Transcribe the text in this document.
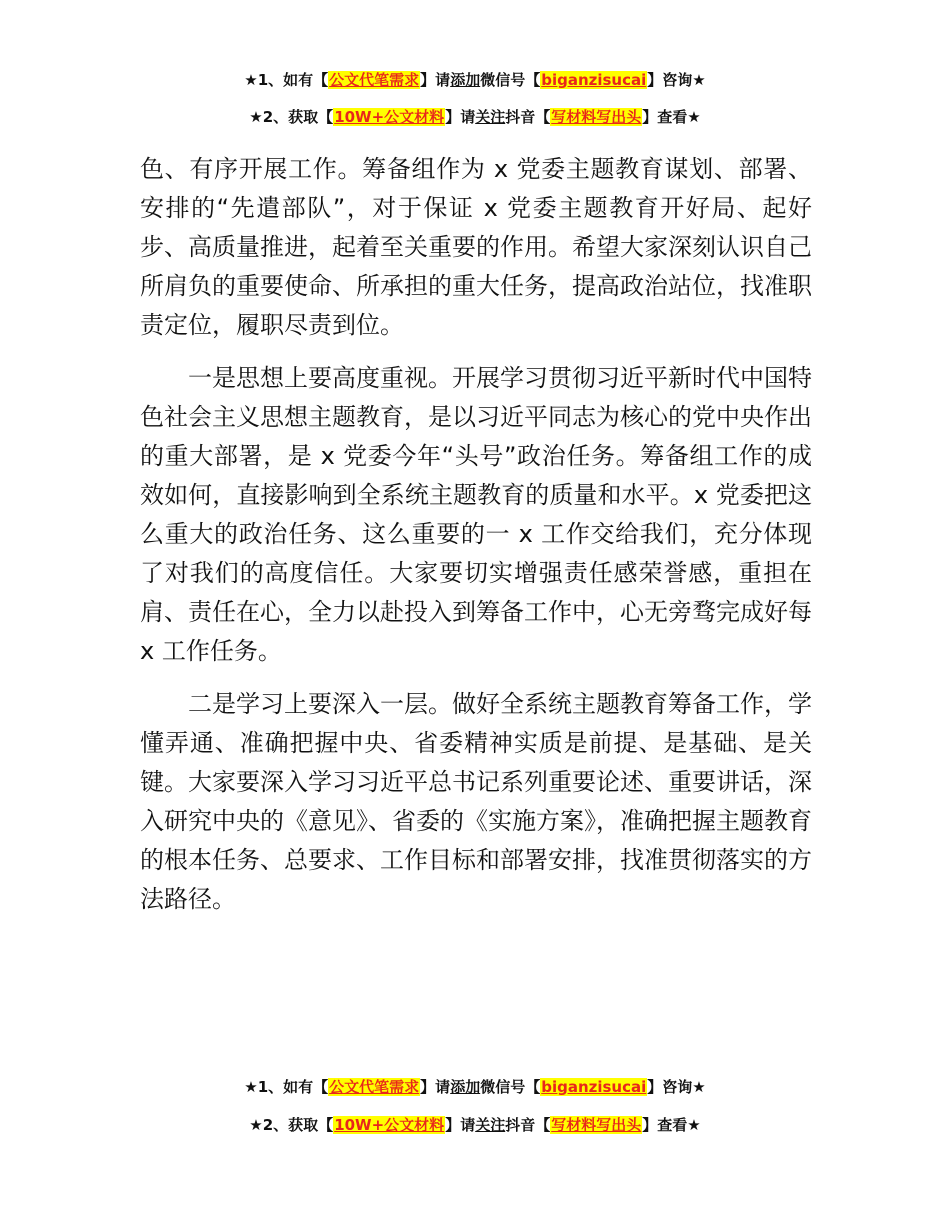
★1、如有【公文代笔需求】请添加微信号【biganzisucai】咨询★
★2、获取【10W+公文材料】请关注抖音【写材料写出头】查看★

色、有序开展工作。筹备组作为 x 党委主题教育谋划、部署、安排的“先遣部队”，对于保证 x 党委主题教育开好局、起好步、高质量推进，起着至关重要的作用。希望大家深刻认识自己所肩负的重要使命、所承担的重大任务，提高政治站位，找准职责定位，履职尽责到位。

一是思想上要高度重视。开展学习贯彻习近平新时代中国特色社会主义思想主题教育，是以习近平同志为核心的党中央作出的重大部署，是 x 党委今年“头号”政治任务。筹备组工作的成效如何，直接影响到全系统主题教育的质量和水平。x 党委把这么重大的政治任务、这么重要的一 x 工作交给我们，充分体现了对我们的高度信任。大家要切实增强责任感荣誉感，重担在肩、责任在心，全力以赴投入到筹备工作中，心无旁骛完成好每 x 工作任务。

二是学习上要深入一层。做好全系统主题教育筹备工作，学懂弄通、准确把握中央、省委精神实质是前提、是基础、是关键。大家要深入学习习近平总书记系列重要论述、重要讲话，深入研究中央的《意见》、省委的《实施方案》，准确把握主题教育的根本任务、总要求、工作目标和部署安排，找准贯彻落实的方法路径。

★1、如有【公文代笔需求】请添加微信号【biganzisucai】咨询★
★2、获取【10W+公文材料】请关注抖音【写材料写出头】查看★
